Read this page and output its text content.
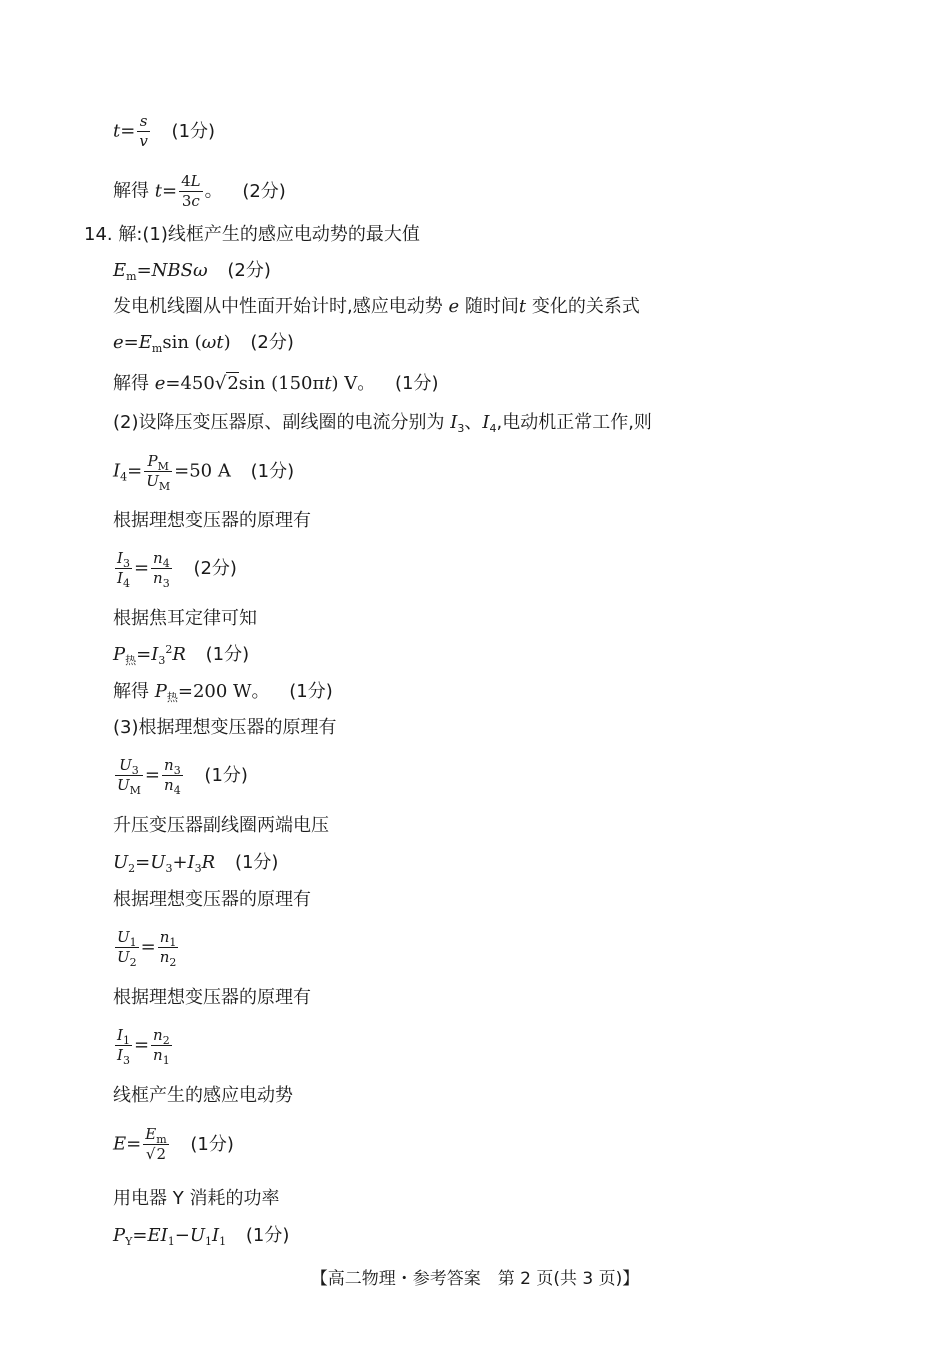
$t= \frac{s}{v} (1$分)
解得 $t= \frac{4L}{3c}$ 。 (2分)
14. 解:(1)线框产生的感应电动势的最大值
$E_m=NBS\omega$ (2分)
发电机线圈从中性面开始计时,感应电动势 e 随时间t 变化的关系式
$e=E_m\sin$ (ωt) (2分)
解得 e=450√2sin (150πt) V。 (1分)
(2)设降压变压器原、副线圈的电流分别为 $I_3$、$I_4$,电动机正常工作,则
$I_4= \frac{P_M}{U_M} =50$ A (1分)
根据理想变压器的原理有
$\frac{I_3}{I_4} = \frac{n_4}{n_3} (2$分)
根据焦耳定律可知
$P_热=I_3^2R$ (1分)
解得 $P_热=200$ W。 (1分)
(3)根据理想变压器的原理有
$\frac{U_3}{U_M} = \frac{n_3}{n_4} (1$分)
升压变压器副线圈两端电压
$U_2=U_3+I_3R$ (1分)
根据理想变压器的原理有
$\frac{U_1}{U_2} = \frac{n_1}{n_2}$
根据理想变压器的原理有
$\frac{I_1}{I_3} = \frac{n_2}{n_1}$
线框产生的感应电动势
$E= \frac{E_m}{√2} (1$分)
用电器 Y 消耗的功率
$P_Y=EI_1-U_1I_1$ (1分)
【高二物理・参考答案　第 2 页(共 3 页)】
